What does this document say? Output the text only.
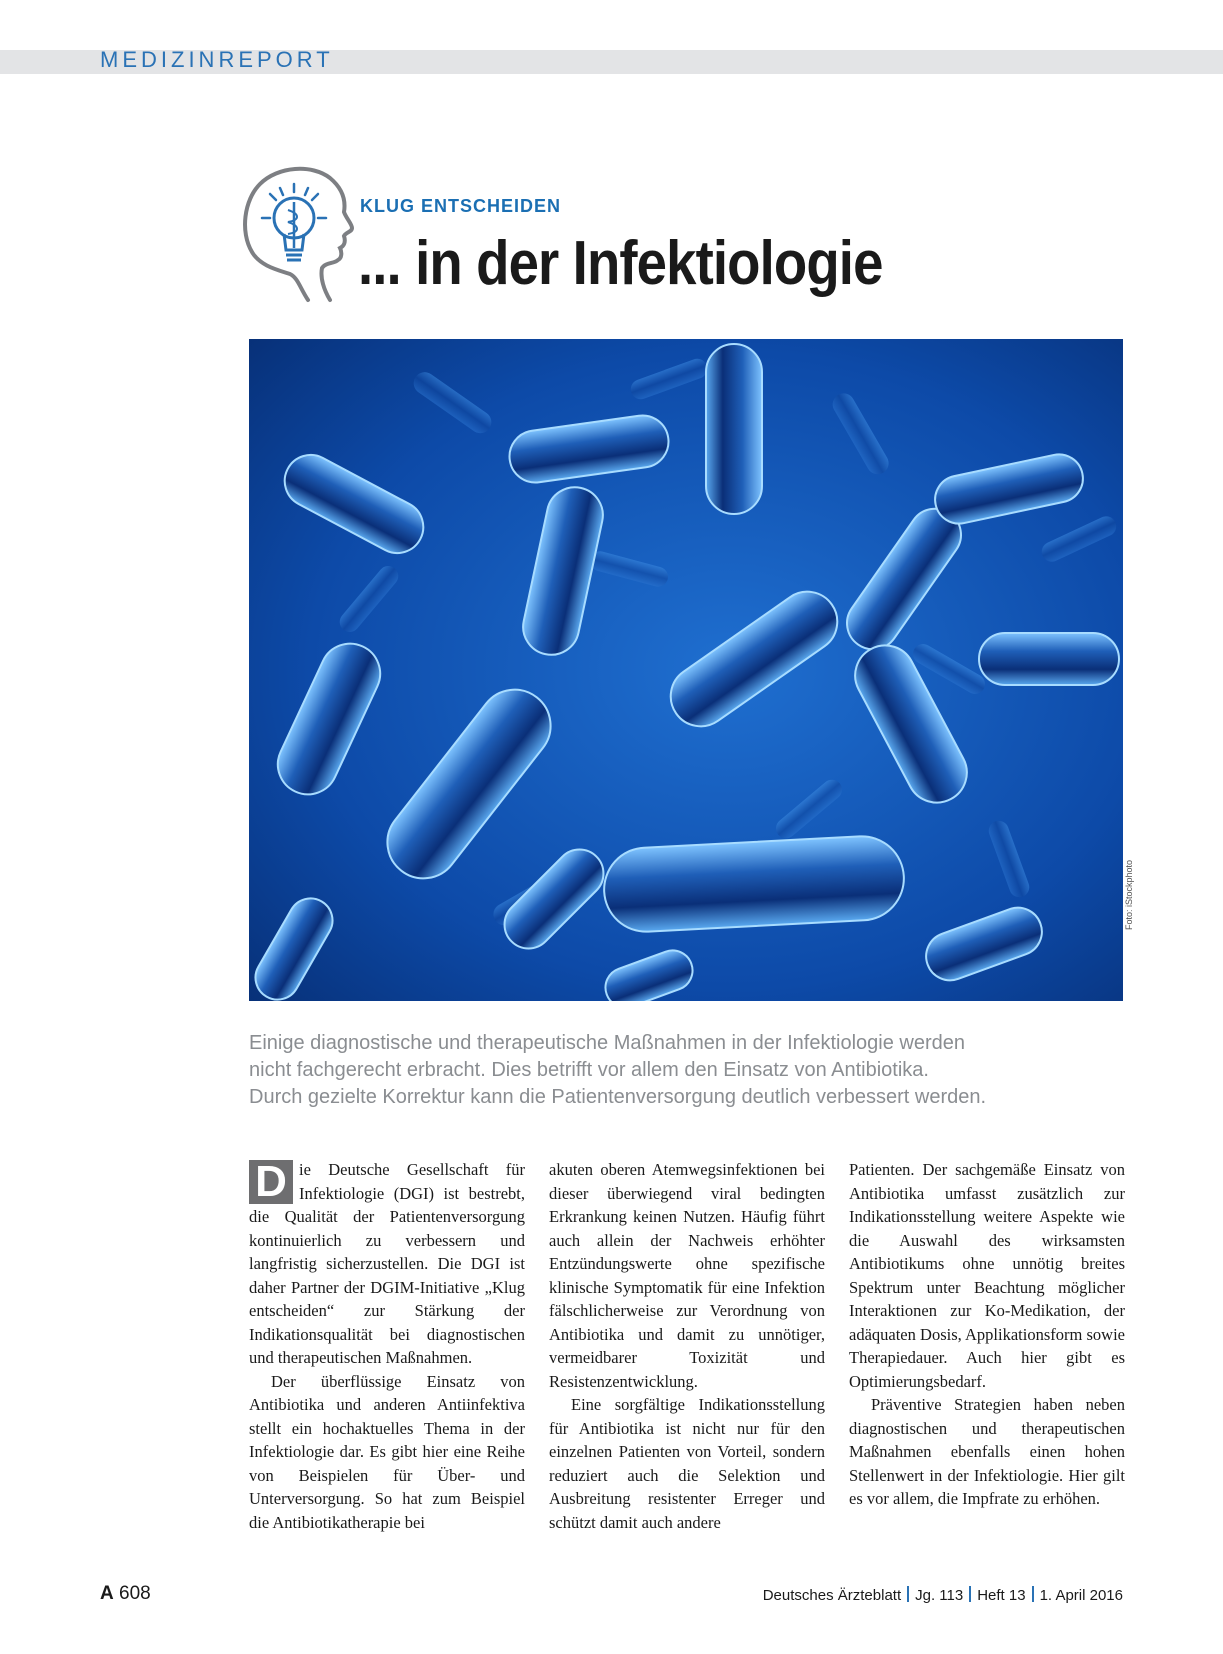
MEDIZINREPORT
KLUG ENTSCHEIDEN
... in der Infektiologie
Foto: iStockphoto

Einige diagnostische und therapeutische Maßnahmen in der Infektiologie werden

nicht fachgerecht erbracht. Dies betrifft vor allem den Einsatz von Antibiotika.

Durch gezielte Korrektur kann die Patientenversorgung deutlich verbessert werden.

D ie Deutsche Gesellschaft für Infektiologie (DGI) ist bestrebt, die Qualität der Patientenversorgung kontinuierlich zu verbessern und langfristig sicherzustellen. Die DGI ist daher Partner der DGIM-Initiative „Klug entscheiden“ zur Stärkung der Indikationsqualität bei diagnostischen und therapeutischen Maßnahmen.

Der überflüssige Einsatz von Antibiotika und anderen Antiinfektiva stellt ein hochaktuelles Thema in der Infektiologie dar. Es gibt hier eine Reihe von Beispielen für Über- und Unterversorgung. So hat zum Beispiel die Antibiotikatherapie bei

akuten oberen Atemwegsinfektionen bei dieser überwiegend viral bedingten Erkrankung keinen Nutzen. Häufig führt auch allein der Nachweis erhöhter Entzündungswerte ohne spezifische klinische Symptomatik für eine Infektion fälschlicherweise zur Verordnung von Antibiotika und damit zu unnötiger, vermeidbarer Toxizität und Resistenzentwicklung.

Eine sorgfältige Indikationsstellung für Antibiotika ist nicht nur für den einzelnen Patienten von Vorteil, sondern reduziert auch die Selektion und Ausbreitung resistenter Erreger und schützt damit auch andere

Patienten. Der sachgemäße Einsatz von Antibiotika umfasst zusätzlich zur Indikationsstellung weitere Aspekte wie die Auswahl des wirksamsten Antibiotikums ohne unnötig breites Spektrum unter Beachtung möglicher Interaktionen zur Ko-Medikation, der adäquaten Dosis, Applikationsform sowie Therapiedauer. Auch hier gibt es Optimierungsbedarf.

Präventive Strategien haben neben diagnostischen und therapeutischen Maßnahmen ebenfalls einen hohen Stellenwert in der Infektiologie. Hier gilt es vor allem, die Impfrate zu erhöhen.

A 608	Deutsches Ärzteblatt Jg. 113 Heft 13 1. April 2016
